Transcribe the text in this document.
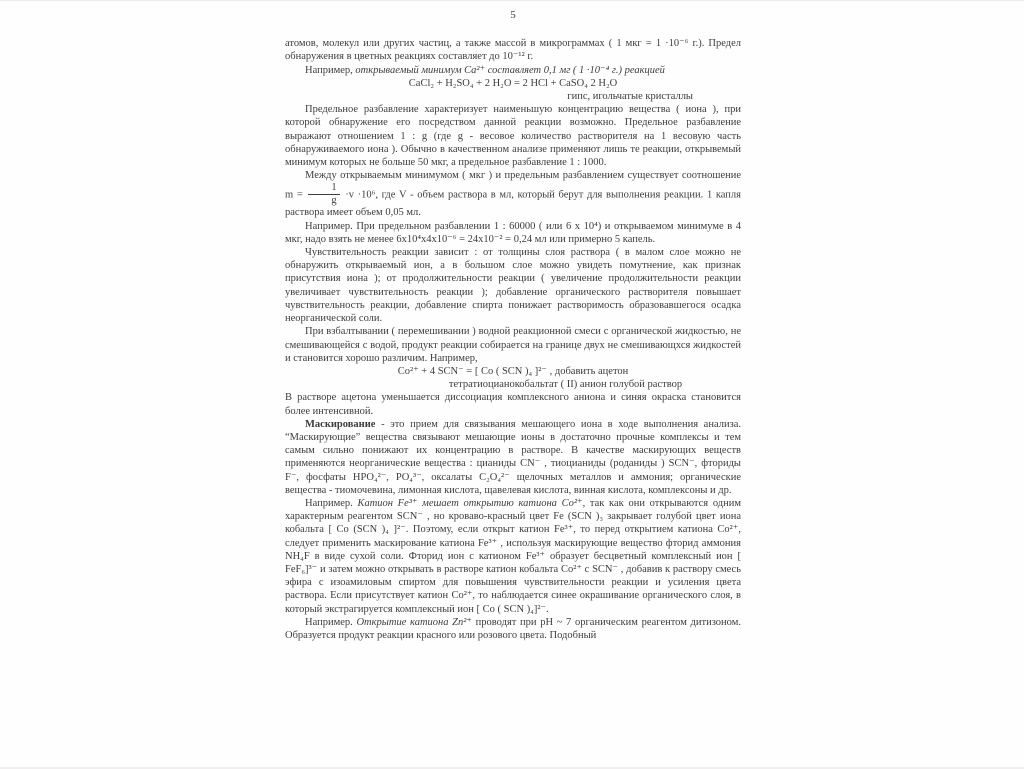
5

атомов, молекул или других частиц, а также массой в микрограммах ( 1 мкг = 1 ·10⁻⁶ г.). Предел обнаружения в цветных реакциях составляет до 10⁻¹² г.

Например, открываемый минимум Ca²⁺ составляет 0,1 мг ( 1 ·10⁻⁴ г.) реакцией

CaCl₂ + H₂SO₄ + 2 H₂O = 2 HCl + CaSO₄ 2 H₂O

гипс, игольчатые кристаллы

Предельное разбавление характеризует наименьшую концентрацию вещества ( иона ), при которой обнаружение его посредством данной реакции возможно. Предельное разбавление выражают отношением 1 : g (где g - весовое количество растворителя на 1 весовую часть обнаруживаемого иона ). Обычно в качественном анализе применяют лишь те реакции, открывемый минимум которых не больше 50 мкг, а предельное разбавление 1 : 1000.

Между открываемым минимумом ( мкг ) и предельным разбавлением существует соотношение $m = \frac{1}{g} \cdot v \cdot 10^6$, где V - объем раствора в мл, который берут для выполнения реакции. 1 капля раствора имеет объем 0,05 мл.

Например. При предельном разбавлении 1 : 60000 ( или 6 х 10⁴) и открываемом минимуме в 4 мкг, надо взять не менее 6х10⁴х4х10⁻⁶ = 24х10⁻² = 0,24 мл или примерно 5 капель.

Чувствительность реакции зависит : от толщины слоя раствора ( в малом слое можно не обнаружить открываемый ион, а в большом слое можно увидеть помутнение, как признак присутствия иона ); от продолжительности реакции ( увеличение продолжительности реакции увеличивает чувствительность реакции ); добавление органического растворителя повышает чувствительность реакции, добавление спирта понижает растворимость образовавшегося осадка неорганической соли.

При взбалтывании ( перемешивании ) водной реакционной смеси с органической жидкостью, не смешивающейся с водой, продукт реакции собирается на границе двух не смешивающхся жидкостей и становится хорошо различим. Например,

Co²⁺ + 4 SCN⁻ = [ Co ( SCN )₄ ]²⁻ , добавить ацетон

тетратиоцианокобальтат ( II) анион голубой раствор

В растворе ацетона уменьшается диссоциация комплексного аниона и синяя окраска становится более интенсивной.

Маскирование - это прием для связывания мешающего иона в ходе выполнения анализа. “Маскирующие” вещества связывают мешающие ионы в достаточно прочные комплексы и тем самым сильно понижают их концентрацию в растворе. В качестве маскирующих веществ применяются неорганические вещества : цианиды CN⁻ , тиоцианиды (роданиды ) SCN⁻, фториды F⁻, фосфаты HPO₄²⁻, PO₄³⁻, оксалаты C₂O₄²⁻ щелочных металлов и аммония; органические вещества - тиомочевина, лимонная кислота, щавелевая кислота, винная кислота, комплексоны и др.

Например. Катион Fe³⁺ мешает открытию катиона Co²⁺, так как они открываются одним характерным реагентом SCN⁻ , но кроваво-красный цвет Fe (SCN )₃ закрывает голубой цвет иона кобальта [ Co (SCN )₄ ]²⁻. Поэтому, если открыт катион Fe³⁺, то перед открытием катиона Co²⁺, следует применить маскирование катиона Fe³⁺ , используя маскирующие вещество фторид аммония NH₄F в виде сухой соли. Фторид ион с катионом Fe³⁺ образует бесцветный комплексный ион [ FeF₆]³⁻ и затем можно открывать в растворе катион кобальта Co²⁺ с SCN⁻ , добавив к раствору смесь эфира с изоамиловым спиртом для повышения чувствительности реакции и усиления цвета раствора. Если присутствует катион Co²⁺, то наблюдается синее окрашивание органического слоя, в который экстрагируется комплексный ион [ Co ( SCN )₄]²⁻.

Например. Открытие катиона Zn²⁺ проводят при pH ~ 7 органическим реагентом дитизоном. Образуется продукт реакции красного или розового цвета. Подобный
